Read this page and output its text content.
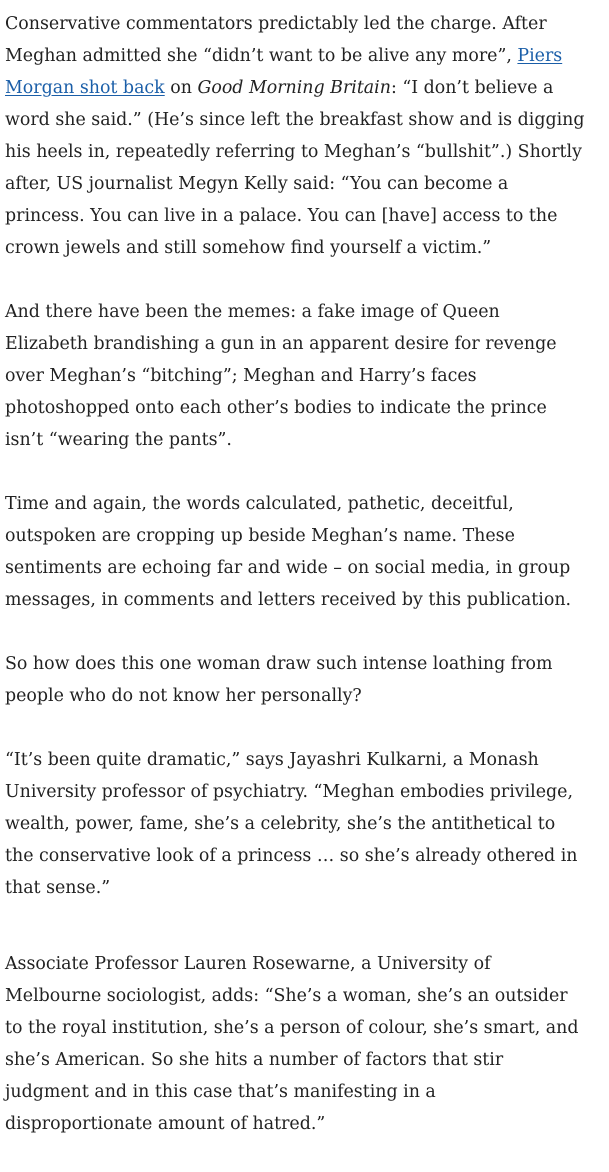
Conservative commentators predictably led the charge. After Meghan admitted she “didn’t want to be alive any more”, Piers Morgan shot back on Good Morning Britain: “I don’t believe a word she said.” (He’s since left the breakfast show and is digging his heels in, repeatedly referring to Meghan’s “bullshit”.) Shortly after, US journalist Megyn Kelly said: “You can become a princess. You can live in a palace. You can [have] access to the crown jewels and still somehow find yourself a victim.”

And there have been the memes: a fake image of Queen Elizabeth brandishing a gun in an apparent desire for revenge over Meghan’s “bitching”; Meghan and Harry’s faces photoshopped onto each other’s bodies to indicate the prince isn’t “wearing the pants”.

Time and again, the words calculated, pathetic, deceitful, outspoken are cropping up beside Meghan’s name. These sentiments are echoing far and wide – on social media, in group messages, in comments and letters received by this publication.

So how does this one woman draw such intense loathing from people who do not know her personally?

“It’s been quite dramatic,” says Jayashri Kulkarni, a Monash University professor of psychiatry. “Meghan embodies privilege, wealth, power, fame, she’s a celebrity, she’s the antithetical to the conservative look of a princess … so she’s already othered in that sense.”

Associate Professor Lauren Rosewarne, a University of Melbourne sociologist, adds: “She’s a woman, she’s an outsider to the royal institution, she’s a person of colour, she’s smart, and she’s American. So she hits a number of factors that stir judgment and in this case that’s manifesting in a disproportionate amount of hatred.”
